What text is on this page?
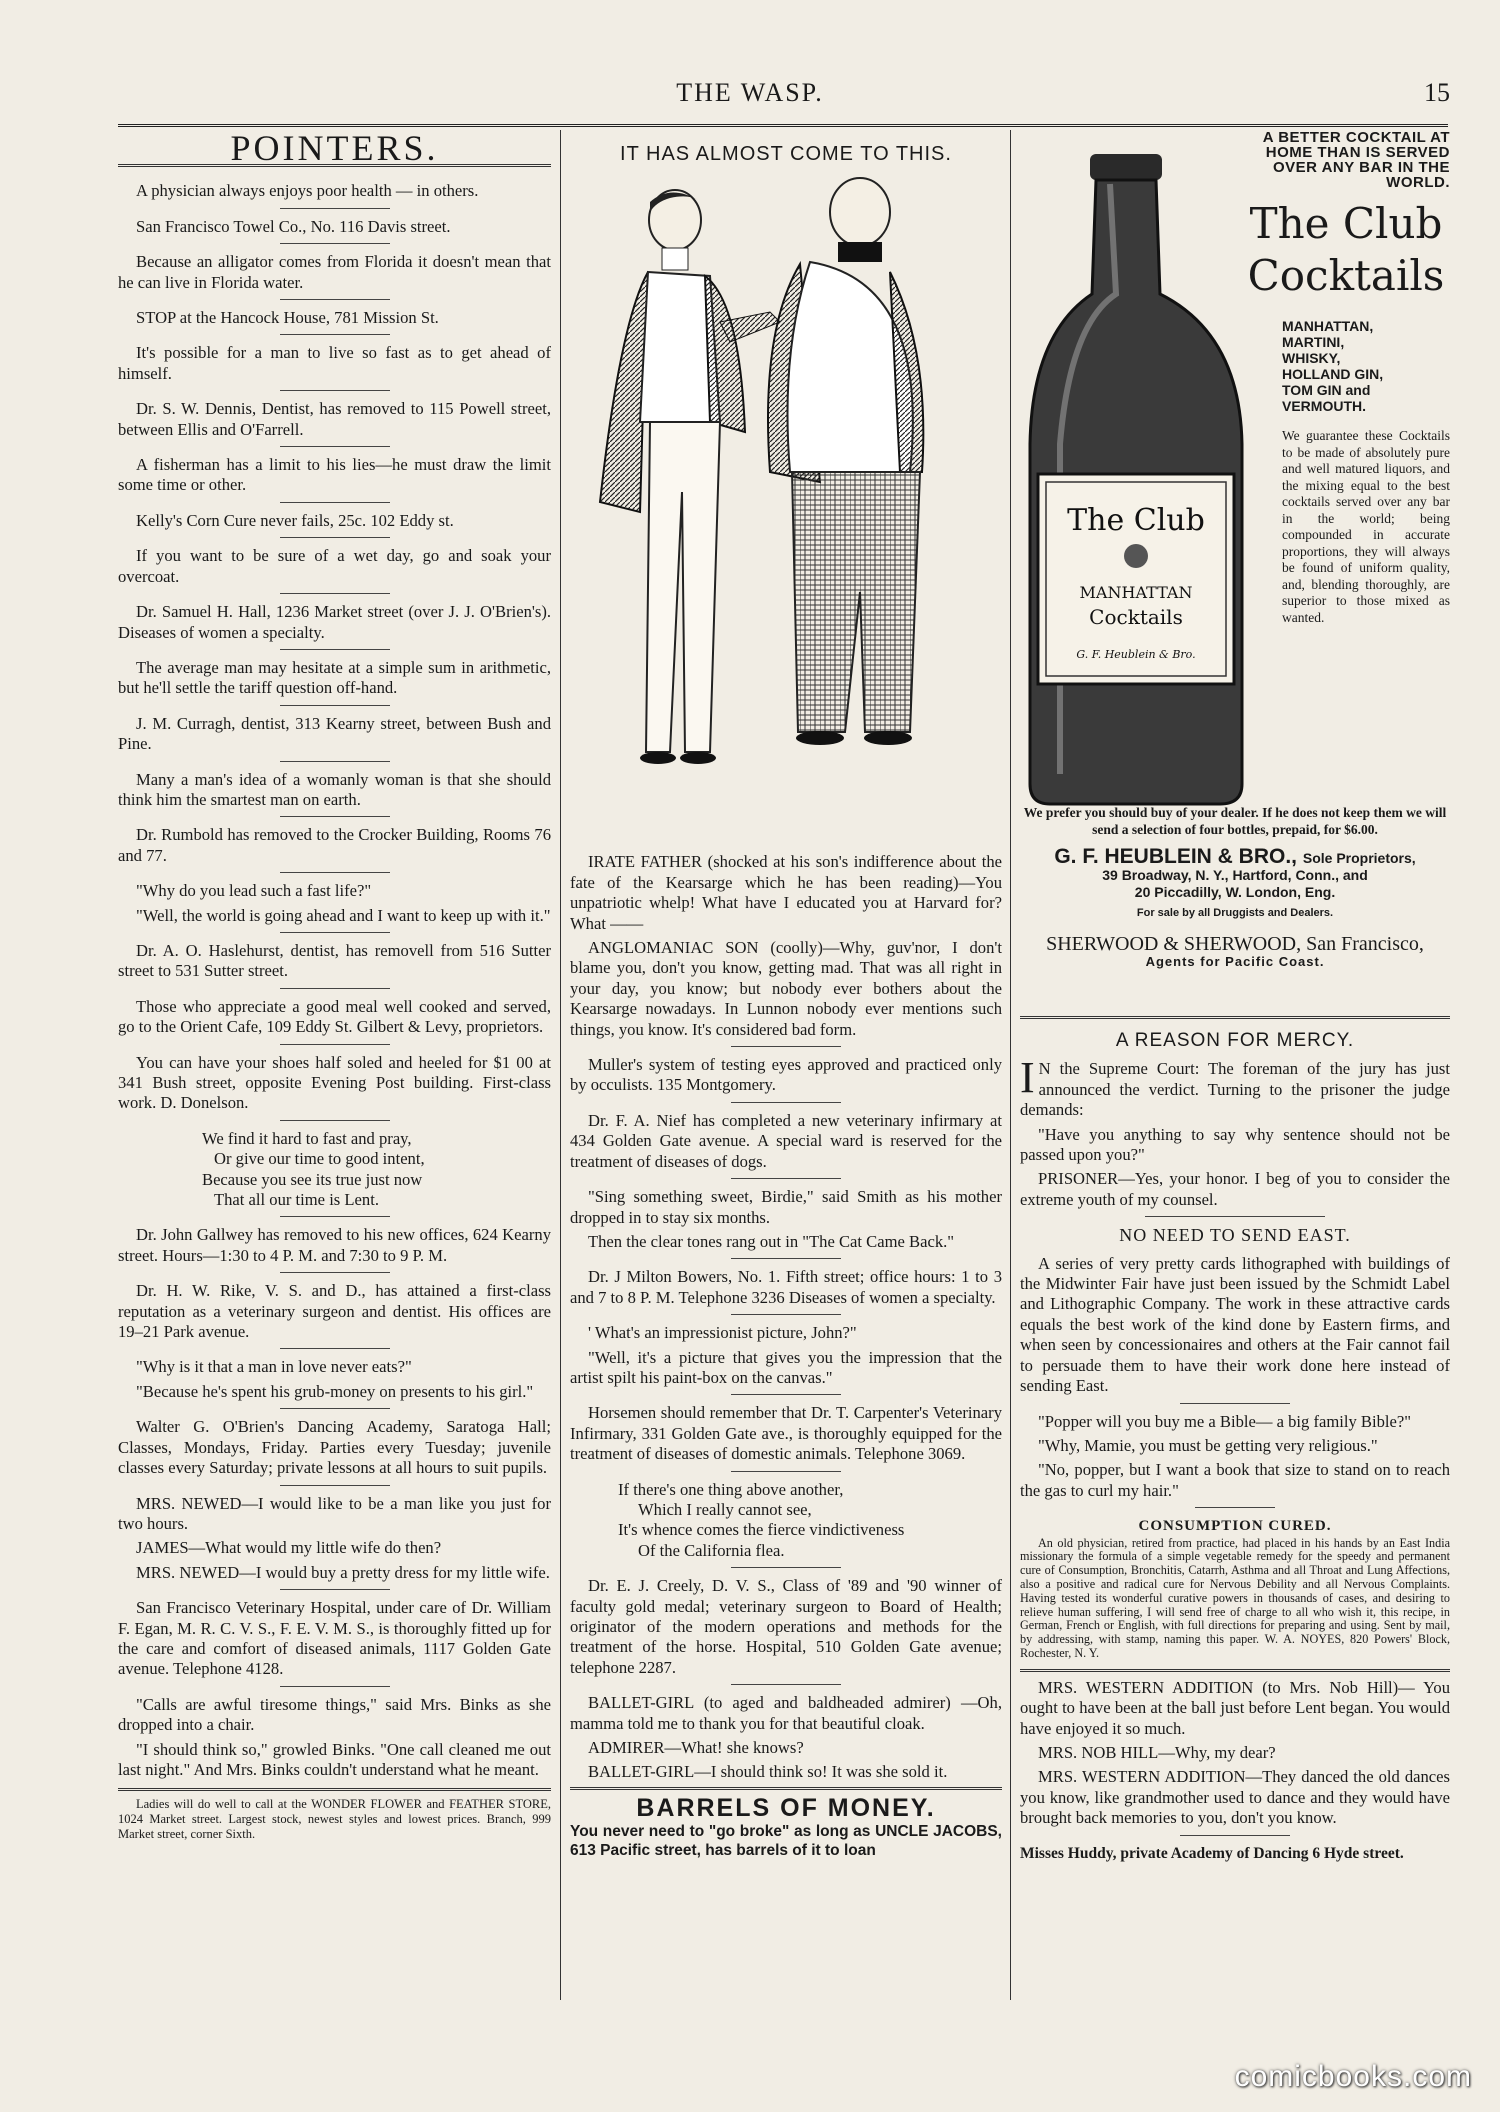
THE WASP.	15
POINTERS.

A physician always enjoys poor health — in others.

San Francisco Towel Co., No. 116 Davis street.

Because an alligator comes from Florida it doesn't mean that he can live in Florida water.

STOP at the Hancock House, 781 Mission St.

It's possible for a man to live so fast as to get ahead of himself.

Dr. S. W. Dennis, Dentist, has removed to 115 Powell street, between Ellis and O'Farrell.

A fisherman has a limit to his lies—he must draw the limit some time or other.

Kelly's Corn Cure never fails, 25c. 102 Eddy st.

If you want to be sure of a wet day, go and soak your overcoat.

Dr. Samuel H. Hall, 1236 Market street (over J. J. O'Brien's). Diseases of women a specialty.

The average man may hesitate at a simple sum in arithmetic, but he'll settle the tariff question off-hand.

J. M. Curragh, dentist, 313 Kearny street, between Bush and Pine.

Many a man's idea of a womanly woman is that she should think him the smartest man on earth.

Dr. Rumbold has removed to the Crocker Building, Rooms 76 and 77.

"Why do you lead such a fast life?"

"Well, the world is going ahead and I want to keep up with it."

Dr. A. O. Haslehurst, dentist, has removell from 516 Sutter street to 531 Sutter street.

Those who appreciate a good meal well cooked and served, go to the Orient Cafe, 109 Eddy St. Gilbert & Levy, proprietors.

You can have your shoes half soled and heeled for $1 00 at 341 Bush street, opposite Evening Post building. First-class work. D. Donelson.

We find it hard to fast and pray,
Or give our time to good intent,
Because you see its true just now
That all our time is Lent.

Dr. John Gallwey has removed to his new offices, 624 Kearny street. Hours—1:30 to 4 P. M. and 7:30 to 9 P. M.

Dr. H. W. Rike, V. S. and D., has attained a first-class reputation as a veterinary surgeon and dentist. His offices are 19–21 Park avenue.

"Why is it that a man in love never eats?"

"Because he's spent his grub-money on presents to his girl."

Walter G. O'Brien's Dancing Academy, Saratoga Hall; Classes, Mondays, Friday. Parties every Tuesday; juvenile classes every Saturday; private lessons at all hours to suit pupils.

MRS. NEWED—I would like to be a man like you just for two hours.

JAMES—What would my little wife do then?

MRS. NEWED—I would buy a pretty dress for my little wife.

San Francisco Veterinary Hospital, under care of Dr. William F. Egan, M. R. C. V. S., F. E. V. M. S., is thoroughly fitted up for the care and comfort of diseased animals, 1117 Golden Gate avenue. Telephone 4128.

"Calls are awful tiresome things," said Mrs. Binks as she dropped into a chair.

"I should think so," growled Binks. "One call cleaned me out last night." And Mrs. Binks couldn't understand what he meant.

Ladies will do well to call at the WONDER FLOWER and FEATHER STORE, 1024 Market street. Largest stock, newest styles and lowest prices. Branch, 999 Market street, corner Sixth.

IT HAS ALMOST COME TO THIS.

IRATE FATHER (shocked at his son's indifference about the fate of the Kearsarge which he has been reading)—You unpatriotic whelp! What have I educated you at Harvard for? What ——

ANGLOMANIAC SON (coolly)—Why, guv'nor, I don't blame you, don't you know, getting mad. That was all right in your day, you know; but nobody ever bothers about the Kearsarge nowadays. In Lunnon nobody ever mentions such things, you know. It's considered bad form.

Muller's system of testing eyes approved and practiced only by occulists. 135 Montgomery.

Dr. F. A. Nief has completed a new veterinary infirmary at 434 Golden Gate avenue. A special ward is reserved for the treatment of diseases of dogs.

"Sing something sweet, Birdie," said Smith as his mother dropped in to stay six months.

Then the clear tones rang out in "The Cat Came Back."

Dr. J Milton Bowers, No. 1. Fifth street; office hours: 1 to 3 and 7 to 8 P. M. Telephone 3236 Diseases of women a specialty.

' What's an impressionist picture, John?"

"Well, it's a picture that gives you the impression that the artist spilt his paint-box on the canvas."

Horsemen should remember that Dr. T. Carpenter's Veterinary Infirmary, 331 Golden Gate ave., is thoroughly equipped for the treatment of diseases of domestic animals. Telephone 3069.

If there's one thing above another,
Which I really cannot see,
It's whence comes the fierce vindictiveness
Of the California flea.

Dr. E. J. Creely, D. V. S., Class of '89 and '90 winner of faculty gold medal; veterinary surgeon to Board of Health; originator of the modern operations and methods for the treatment of the horse. Hospital, 510 Golden Gate avenue; telephone 2287.

BALLET-GIRL (to aged and baldheaded admirer) —Oh, mamma told me to thank you for that beautiful cloak.

ADMIRER—What! she knows?

BALLET-GIRL—I should think so! It was she sold it.

BARRELS OF MONEY.

You never need to "go broke" as long as UNCLE JACOBS, 613 Pacific street, has barrels of it to loan

The Club
MANHATTAN
Cocktails
G. F. Heublein & Bro.
A BETTER COCKTAIL AT HOME THAN IS SERVED OVER ANY BAR IN THE WORLD.
The Club
Cocktails
MANHATTAN,
MARTINI,
WHISKY,
HOLLAND GIN,
TOM GIN and
VERMOUTH.
We guarantee these Cocktails to be made of absolutely pure and well matured liquors, and the mixing equal to the best cocktails served over any bar in the world; being compounded in accurate proportions, they will always be found of uniform quality, and, blending thoroughly, are superior to those mixed as wanted.
We prefer you should buy of your dealer. If he does not keep them we will send a selection of four bottles, prepaid, for $6.00.
G. F. HEUBLEIN & BRO., Sole Proprietors,
39 Broadway, N. Y., Hartford, Conn., and
20 Piccadilly, W. London, Eng.
For sale by all Druggists and Dealers.
SHERWOOD & SHERWOOD, San Francisco,
Agents for Pacific Coast.
A REASON FOR MERCY.

I N the Supreme Court: The foreman of the jury has just announced the verdict. Turning to the prisoner the judge demands:

"Have you anything to say why sentence should not be passed upon you?"

PRISONER—Yes, your honor. I beg of you to consider the extreme youth of my counsel.

NO NEED TO SEND EAST.

A series of very pretty cards lithographed with buildings of the Midwinter Fair have just been issued by the Schmidt Label and Lithographic Company. The work in these attractive cards equals the best work of the kind done by Eastern firms, and when seen by concessionaires and others at the Fair cannot fail to persuade them to have their work done here instead of sending East.

"Popper will you buy me a Bible— a big family Bible?"

"Why, Mamie, you must be getting very religious."

"No, popper, but I want a book that size to stand on to reach the gas to curl my hair."

CONSUMPTION CURED.

An old physician, retired from practice, had placed in his hands by an East India missionary the formula of a simple vegetable remedy for the speedy and permanent cure of Consumption, Bronchitis, Catarrh, Asthma and all Throat and Lung Affections, also a positive and radical cure for Nervous Debility and all Nervous Complaints. Having tested its wonderful curative powers in thousands of cases, and desiring to relieve human suffering, I will send free of charge to all who wish it, this recipe, in German, French or English, with full directions for preparing and using. Sent by mail, by addressing, with stamp, naming this paper. W. A. NOYES, 820 Powers' Block, Rochester, N. Y.

MRS. WESTERN ADDITION (to Mrs. Nob Hill)— You ought to have been at the ball just before Lent began. You would have enjoyed it so much.

MRS. NOB HILL—Why, my dear?

MRS. WESTERN ADDITION—They danced the old dances you know, like grandmother used to dance and they would have brought back memories to you, don't you know.

Misses Huddy, private Academy of Dancing 6 Hyde street.

comicbooks.com
